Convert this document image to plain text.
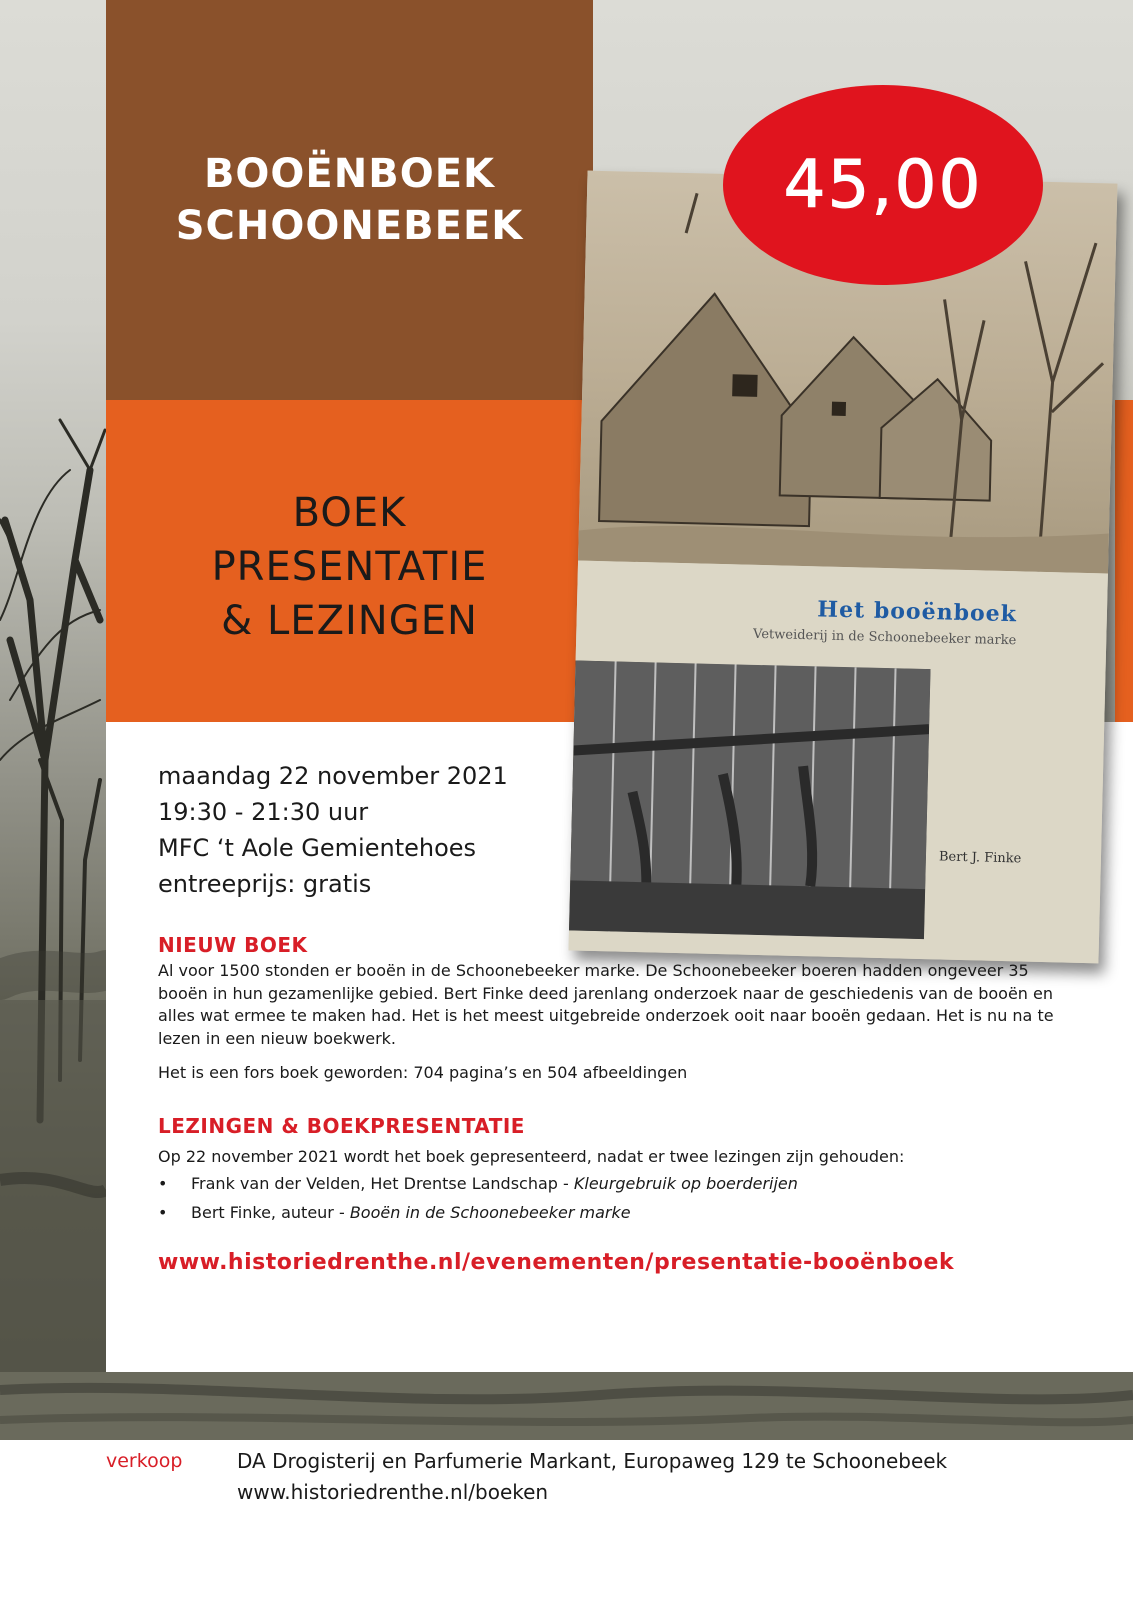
BOOËNBOEK
SCHOONEBEEK
BOEK
PRESENTATIE
& LEZINGEN	Het booënboek

Vetweiderij in de Schoonebeeker marke

Bert J. Finke

45,00

maandag 22 november 2021

19:30 - 21:30 uur

MFC ‘t Aole Gemientehoes

entreeprijs: gratis

NIEUW BOEK

Al voor 1500 stonden er booën in de Schoonebeeker marke. De Schoonebeeker boeren hadden ongeveer 35 booën in hun gezamenlijke gebied. Bert Finke deed jarenlang onderzoek naar de geschiedenis van de booën en alles wat ermee te maken had. Het is het meest uitgebreide onderzoek ooit naar booën gedaan. Het is nu na te lezen in een nieuw boekwerk.

Het is een fors boek geworden: 704 pagina’s en 504 afbeeldingen

LEZINGEN & BOEKPRESENTATIE

Op 22 november 2021 wordt het boek gepresenteerd, nadat er twee lezingen zijn gehouden:

• Frank van der Velden, Het Drentse Landschap - Kleurgebruik op boerderijen

• Bert Finke, auteur - Booën in de Schoonebeeker marke

www.historiedrenthe.nl/evenementen/presentatie-booënboek

verkoop	DA Drogisterij en Parfumerie Markant, Europaweg 129 te Schoonebeek

www.historiedrenthe.nl/boeken
